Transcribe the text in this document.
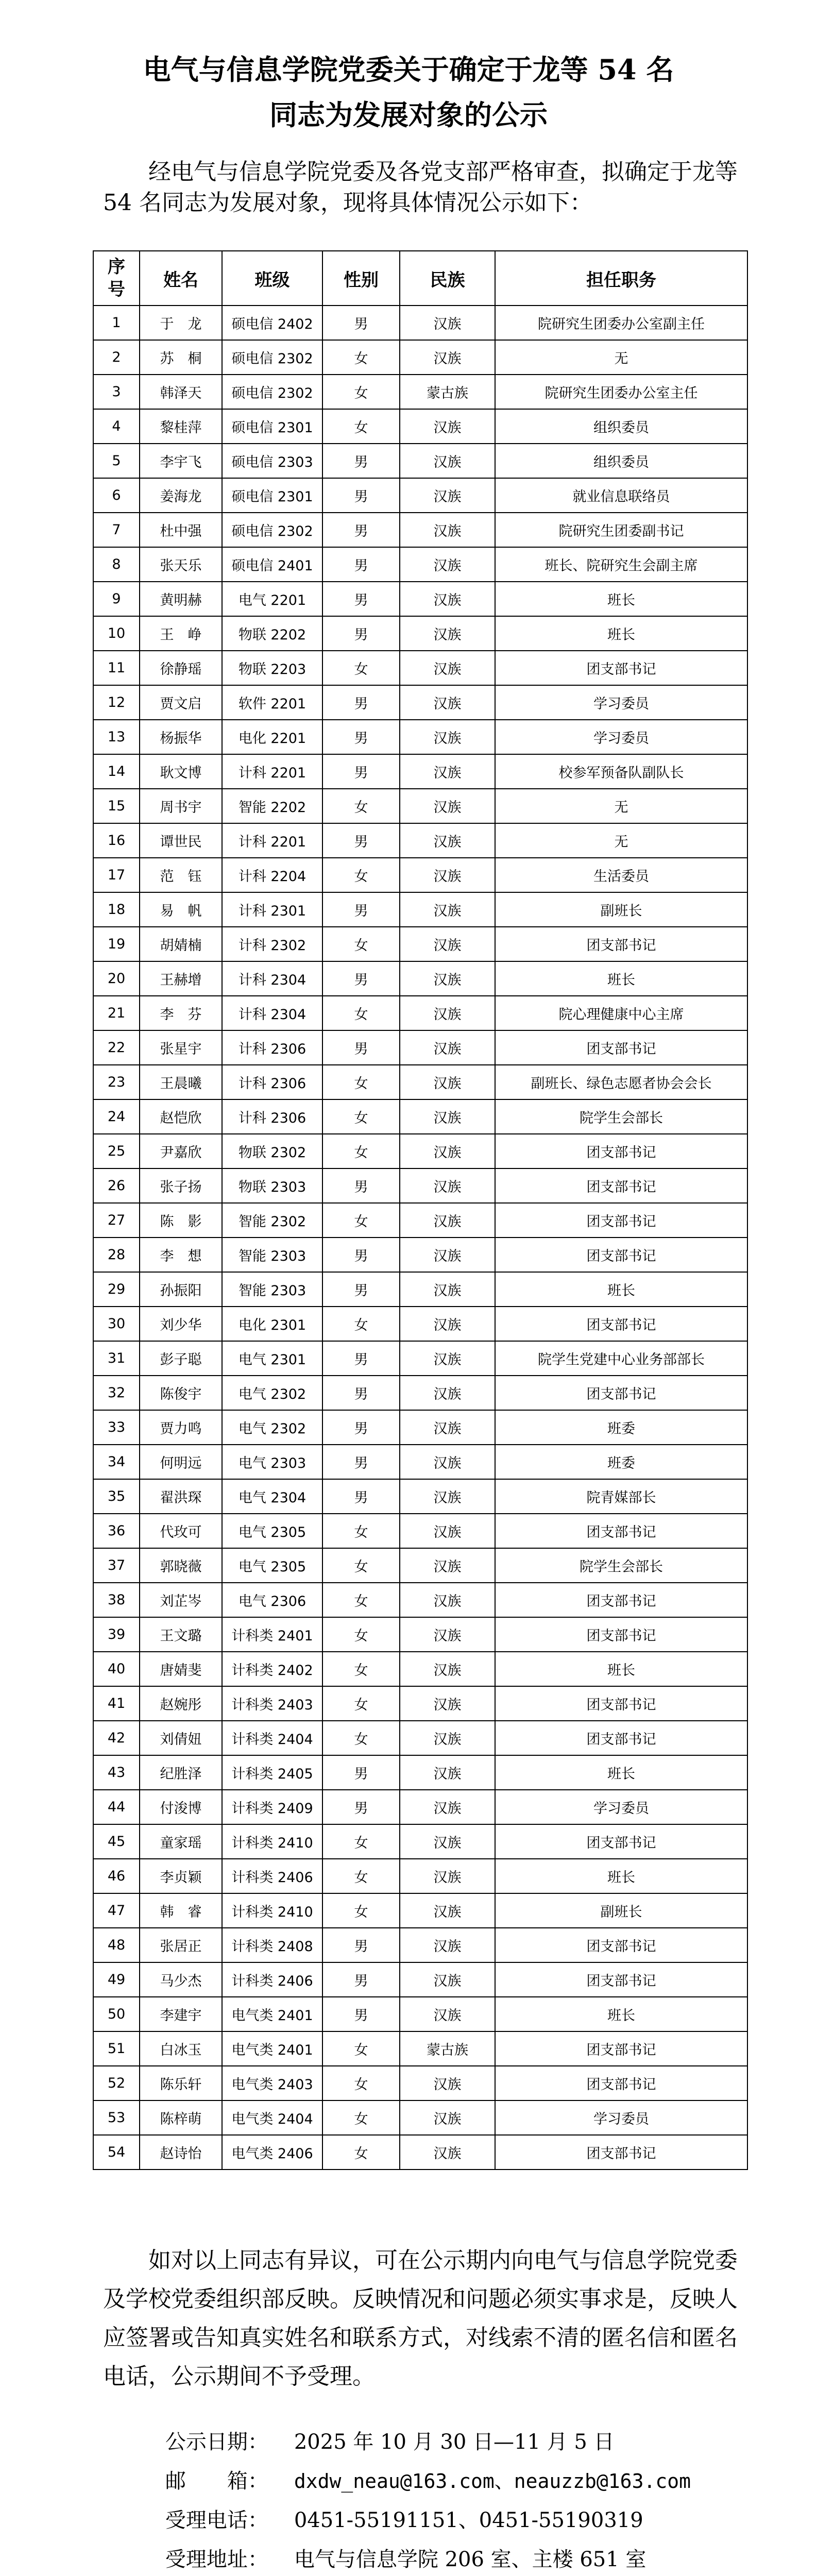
电气与信息学院党委关于确定于龙等 54 名
同志为发展对象的公示
经电气与信息学院党委及各党支部严格审查，拟确定于龙等
54 名同志为发展对象，现将具体情况公示如下：
序
号	姓名	班级	性别	民族	担任职务
1	于　龙	硕电信 2402	男	汉族	院研究生团委办公室副主任
2	苏　桐	硕电信 2302	女	汉族	无
3	韩泽天	硕电信 2302	女	蒙古族	院研究生团委办公室主任
4	黎桂萍	硕电信 2301	女	汉族	组织委员
5	李宇飞	硕电信 2303	男	汉族	组织委员
6	姜海龙	硕电信 2301	男	汉族	就业信息联络员
7	杜中强	硕电信 2302	男	汉族	院研究生团委副书记
8	张天乐	硕电信 2401	男	汉族	班长、院研究生会副主席
9	黄明赫	电气 2201	男	汉族	班长
10	王　峥	物联 2202	男	汉族	班长
11	徐静瑶	物联 2203	女	汉族	团支部书记
12	贾文启	软件 2201	男	汉族	学习委员
13	杨振华	电化 2201	男	汉族	学习委员
14	耿文博	计科 2201	男	汉族	校参军预备队副队长
15	周书宇	智能 2202	女	汉族	无
16	谭世民	计科 2201	男	汉族	无
17	范　钰	计科 2204	女	汉族	生活委员
18	易　帆	计科 2301	男	汉族	副班长
19	胡婧楠	计科 2302	女	汉族	团支部书记
20	王赫增	计科 2304	男	汉族	班长
21	李　芬	计科 2304	女	汉族	院心理健康中心主席
22	张星宇	计科 2306	男	汉族	团支部书记
23	王晨曦	计科 2306	女	汉族	副班长、绿色志愿者协会会长
24	赵恺欣	计科 2306	女	汉族	院学生会部长
25	尹嘉欣	物联 2302	女	汉族	团支部书记
26	张子扬	物联 2303	男	汉族	团支部书记
27	陈　影	智能 2302	女	汉族	团支部书记
28	李　想	智能 2303	男	汉族	团支部书记
29	孙振阳	智能 2303	男	汉族	班长
30	刘少华	电化 2301	女	汉族	团支部书记
31	彭子聪	电气 2301	男	汉族	院学生党建中心业务部部长
32	陈俊宇	电气 2302	男	汉族	团支部书记
33	贾力鸣	电气 2302	男	汉族	班委
34	何明远	电气 2303	男	汉族	班委
35	翟洪琛	电气 2304	男	汉族	院青媒部长
36	代玫可	电气 2305	女	汉族	团支部书记
37	郭晓薇	电气 2305	女	汉族	院学生会部长
38	刘芷岑	电气 2306	女	汉族	团支部书记
39	王文璐	计科类 2401	女	汉族	团支部书记
40	唐婧斐	计科类 2402	女	汉族	班长
41	赵婉彤	计科类 2403	女	汉族	团支部书记
42	刘倩妞	计科类 2404	女	汉族	团支部书记
43	纪胜泽	计科类 2405	男	汉族	班长
44	付浚博	计科类 2409	男	汉族	学习委员
45	童家瑶	计科类 2410	女	汉族	团支部书记
46	李贞颖	计科类 2406	女	汉族	班长
47	韩　睿	计科类 2410	女	汉族	副班长
48	张居正	计科类 2408	男	汉族	团支部书记
49	马少杰	计科类 2406	男	汉族	团支部书记
50	李建宇	电气类 2401	男	汉族	班长
51	白冰玉	电气类 2401	女	蒙古族	团支部书记
52	陈乐轩	电气类 2403	女	汉族	团支部书记
53	陈梓萌	电气类 2404	女	汉族	学习委员
54	赵诗怡	电气类 2406	女	汉族	团支部书记
如对以上同志有异议，可在公示期内向电气与信息学院党委
及学校党委组织部反映。反映情况和问题必须实事求是，反映人
应签署或告知真实姓名和联系方式，对线索不清的匿名信和匿名
电话，公示期间不予受理。

公示日期： 2025 年 10 月 30 日—11 月 5 日

邮　　箱： dxdw_neau@163.com、neauzzb@163.com

受理电话： 0451-55191151、0451-55190319

受理地址： 电气与信息学院 206 室、主楼 651 室
